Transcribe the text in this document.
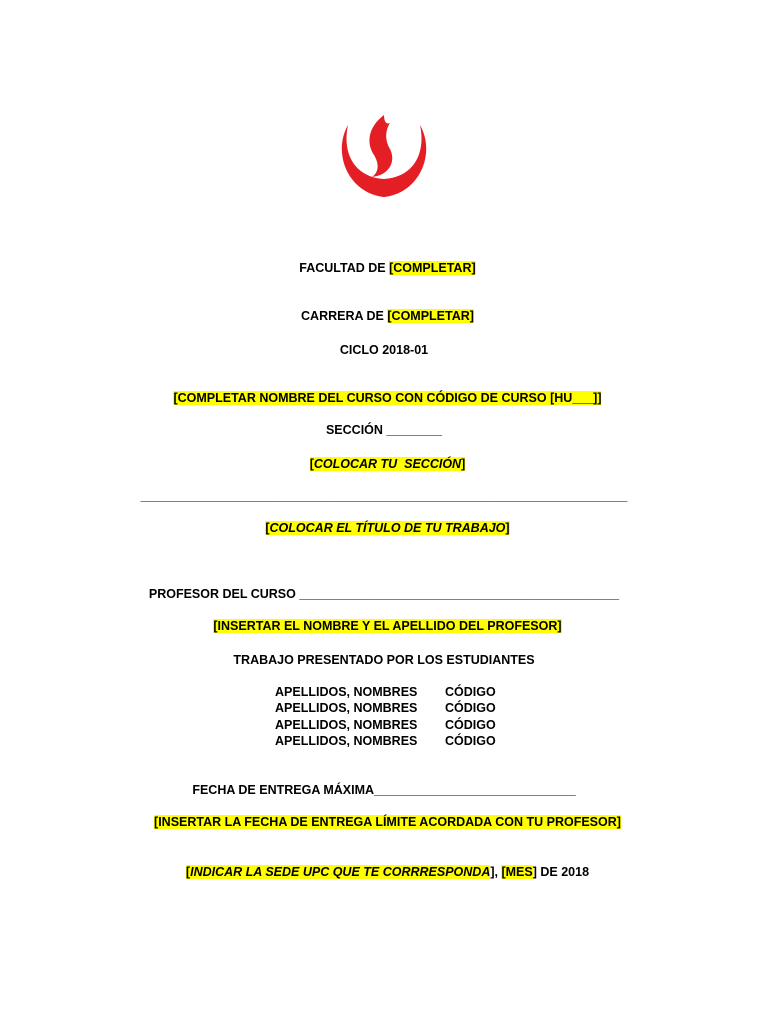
FACULTAD DE [COMPLETAR]

CARRERA DE [COMPLETAR]

CICLO 2018-01

[COMPLETAR NOMBRE DEL CURSO CON CÓDIGO DE CURSO [HU___]]

SECCIÓN ________

[COLOCAR TU  SECCIÓN]

______________________________________________________________________

[COLOCAR EL TÍTULO DE TU TRABAJO]

PROFESOR DEL CURSO ______________________________________________

[INSERTAR EL NOMBRE Y EL APELLIDO DEL PROFESOR]

TRABAJO PRESENTADO POR LOS ESTUDIANTES
APELLIDOS, NOMBRES CÓDIGO
APELLIDOS, NOMBRES CÓDIGO
APELLIDOS, NOMBRES CÓDIGO
APELLIDOS, NOMBRES CÓDIGO
FECHA DE ENTREGA MÁXIMA_____________________________

[INSERTAR LA FECHA DE ENTREGA LÍMITE ACORDADA CON TU PROFESOR]

[INDICAR LA SEDE UPC QUE TE CORRRESPONDA], [MES] DE 2018
